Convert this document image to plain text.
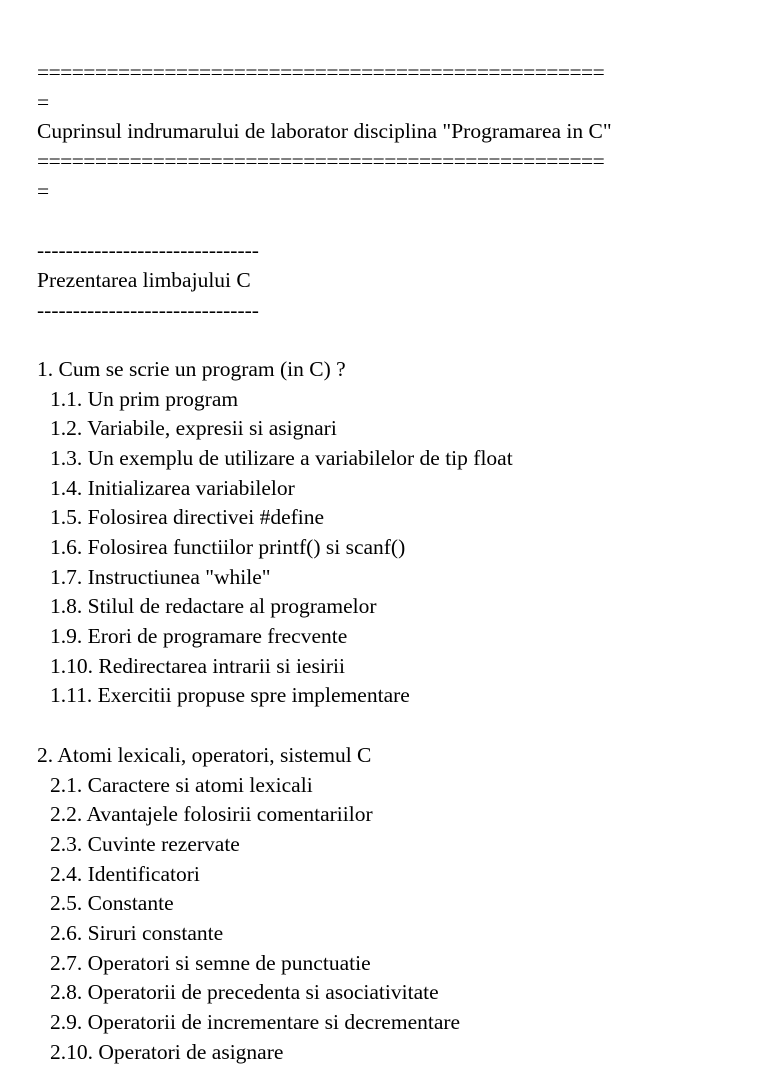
=================================================
=
Cuprinsul indrumarului de laborator disciplina "Programarea in C"
=================================================
=
-------------------------------
Prezentarea limbajului C
-------------------------------
1. Cum se scrie un program (in C) ?
1.1. Un prim program
1.2. Variabile, expresii si asignari
1.3. Un exemplu de utilizare a variabilelor de tip float
1.4. Initializarea variabilelor
1.5. Folosirea directivei #define
1.6. Folosirea functiilor printf() si scanf()
1.7. Instructiunea "while"
1.8. Stilul de redactare al programelor
1.9. Erori de programare frecvente
1.10. Redirectarea intrarii si iesirii
1.11. Exercitii propuse spre implementare
2. Atomi lexicali, operatori, sistemul C
2.1. Caractere si atomi lexicali
2.2. Avantajele folosirii comentariilor
2.3. Cuvinte rezervate
2.4. Identificatori
2.5. Constante
2.6. Siruri constante
2.7. Operatori si semne de punctuatie
2.8. Operatorii de precedenta si asociativitate
2.9. Operatorii de incrementare si decrementare
2.10. Operatori de asignare
